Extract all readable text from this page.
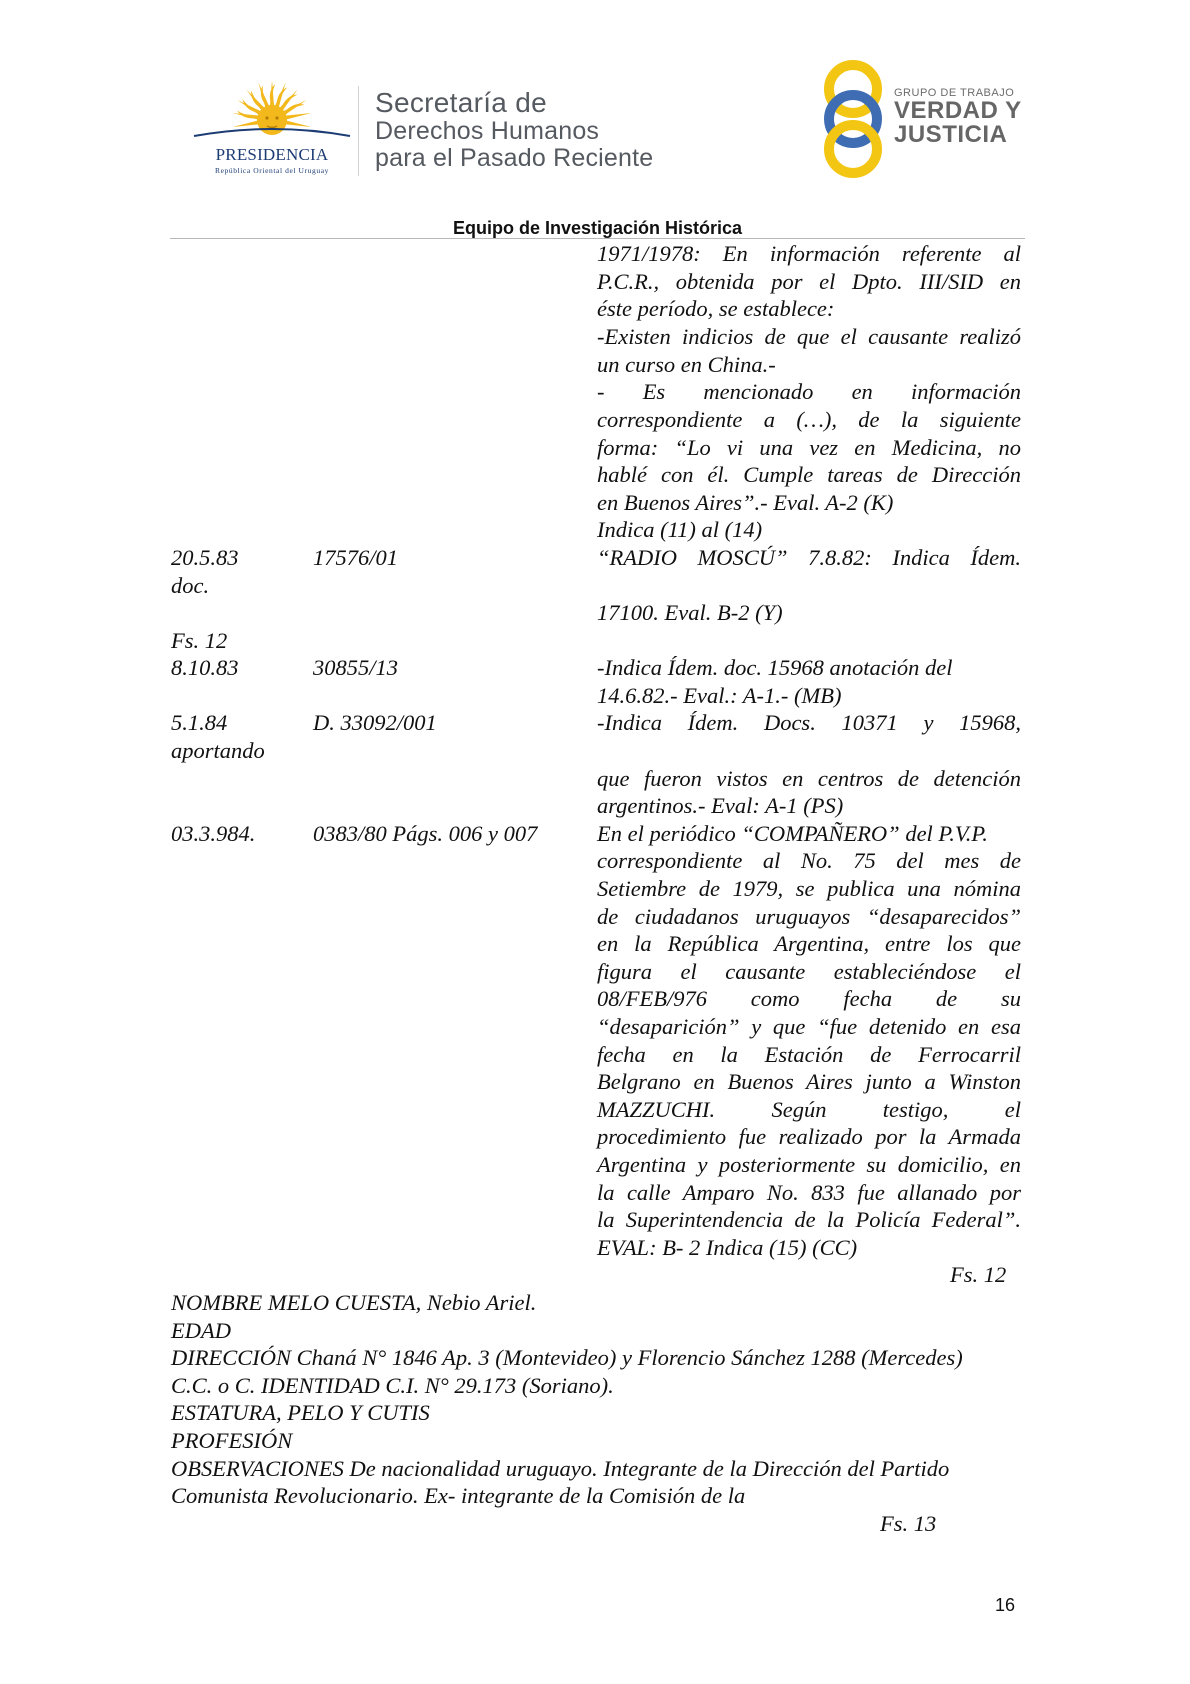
PRESIDENCIA
República Oriental del Uruguay
Secretaría de
Derechos Humanos
para el Pasado Reciente
GRUPO DE TRABAJO
VERDAD Y
JUSTICIA
Equipo de Investigación Histórica
1971/1978: En información referente al
P.C.R., obtenida por el Dpto. III/SID en
éste período, se establece:
-Existen indicios de que el causante realizó
un curso en China.-
- Es mencionado en información
correspondiente a (…), de la siguiente
forma: “Lo vi una vez en Medicina, no
hablé con él. Cumple tareas de Dirección
en Buenos Aires”.- Eval. A-2 (K)
Indica (11) al (14)
20.5.83	17576/01	“RADIO MOSCÚ” 7.8.82: Indica Ídem.
doc.
17100. Eval. B-2 (Y)
Fs. 12
8.10.83	30855/13	-Indica Ídem. doc. 15968 anotación del
14.6.82.- Eval.: A-1.- (MB)
5.1.84	D. 33092/001	-Indica Ídem. Docs. 10371 y 15968,
aportando
que fueron vistos en centros de detención
argentinos.- Eval: A-1 (PS)
03.3.984.	0383/80 Págs. 006 y 007	En el periódico “COMPAÑERO” del P.V.P.
correspondiente al No. 75 del mes de
Setiembre de 1979, se publica una nómina
de ciudadanos uruguayos “desaparecidos”
en la República Argentina, entre los que
figura el causante estableciéndose el
08/FEB/976 como fecha de su
“desaparición” y que “fue detenido en esa
fecha en la Estación de Ferrocarril
Belgrano en Buenos Aires junto a Winston
MAZZUCHI. Según testigo, el
procedimiento fue realizado por la Armada
Argentina y posteriormente su domicilio, en
la calle Amparo No. 833 fue allanado por
la Superintendencia de la Policía Federal”.
EVAL: B- 2 Indica (15) (CC)
Fs. 12
NOMBRE MELO CUESTA, Nebio Ariel.
EDAD
DIRECCIÓN Chaná N° 1846 Ap. 3 (Montevideo) y Florencio Sánchez 1288 (Mercedes)
C.C. o C. IDENTIDAD C.I. N° 29.173 (Soriano).
ESTATURA, PELO Y CUTIS
PROFESIÓN
OBSERVACIONES De nacionalidad uruguayo. Integrante de la Dirección del Partido
Comunista Revolucionario. Ex- integrante de la Comisión de la
Fs. 13
16
